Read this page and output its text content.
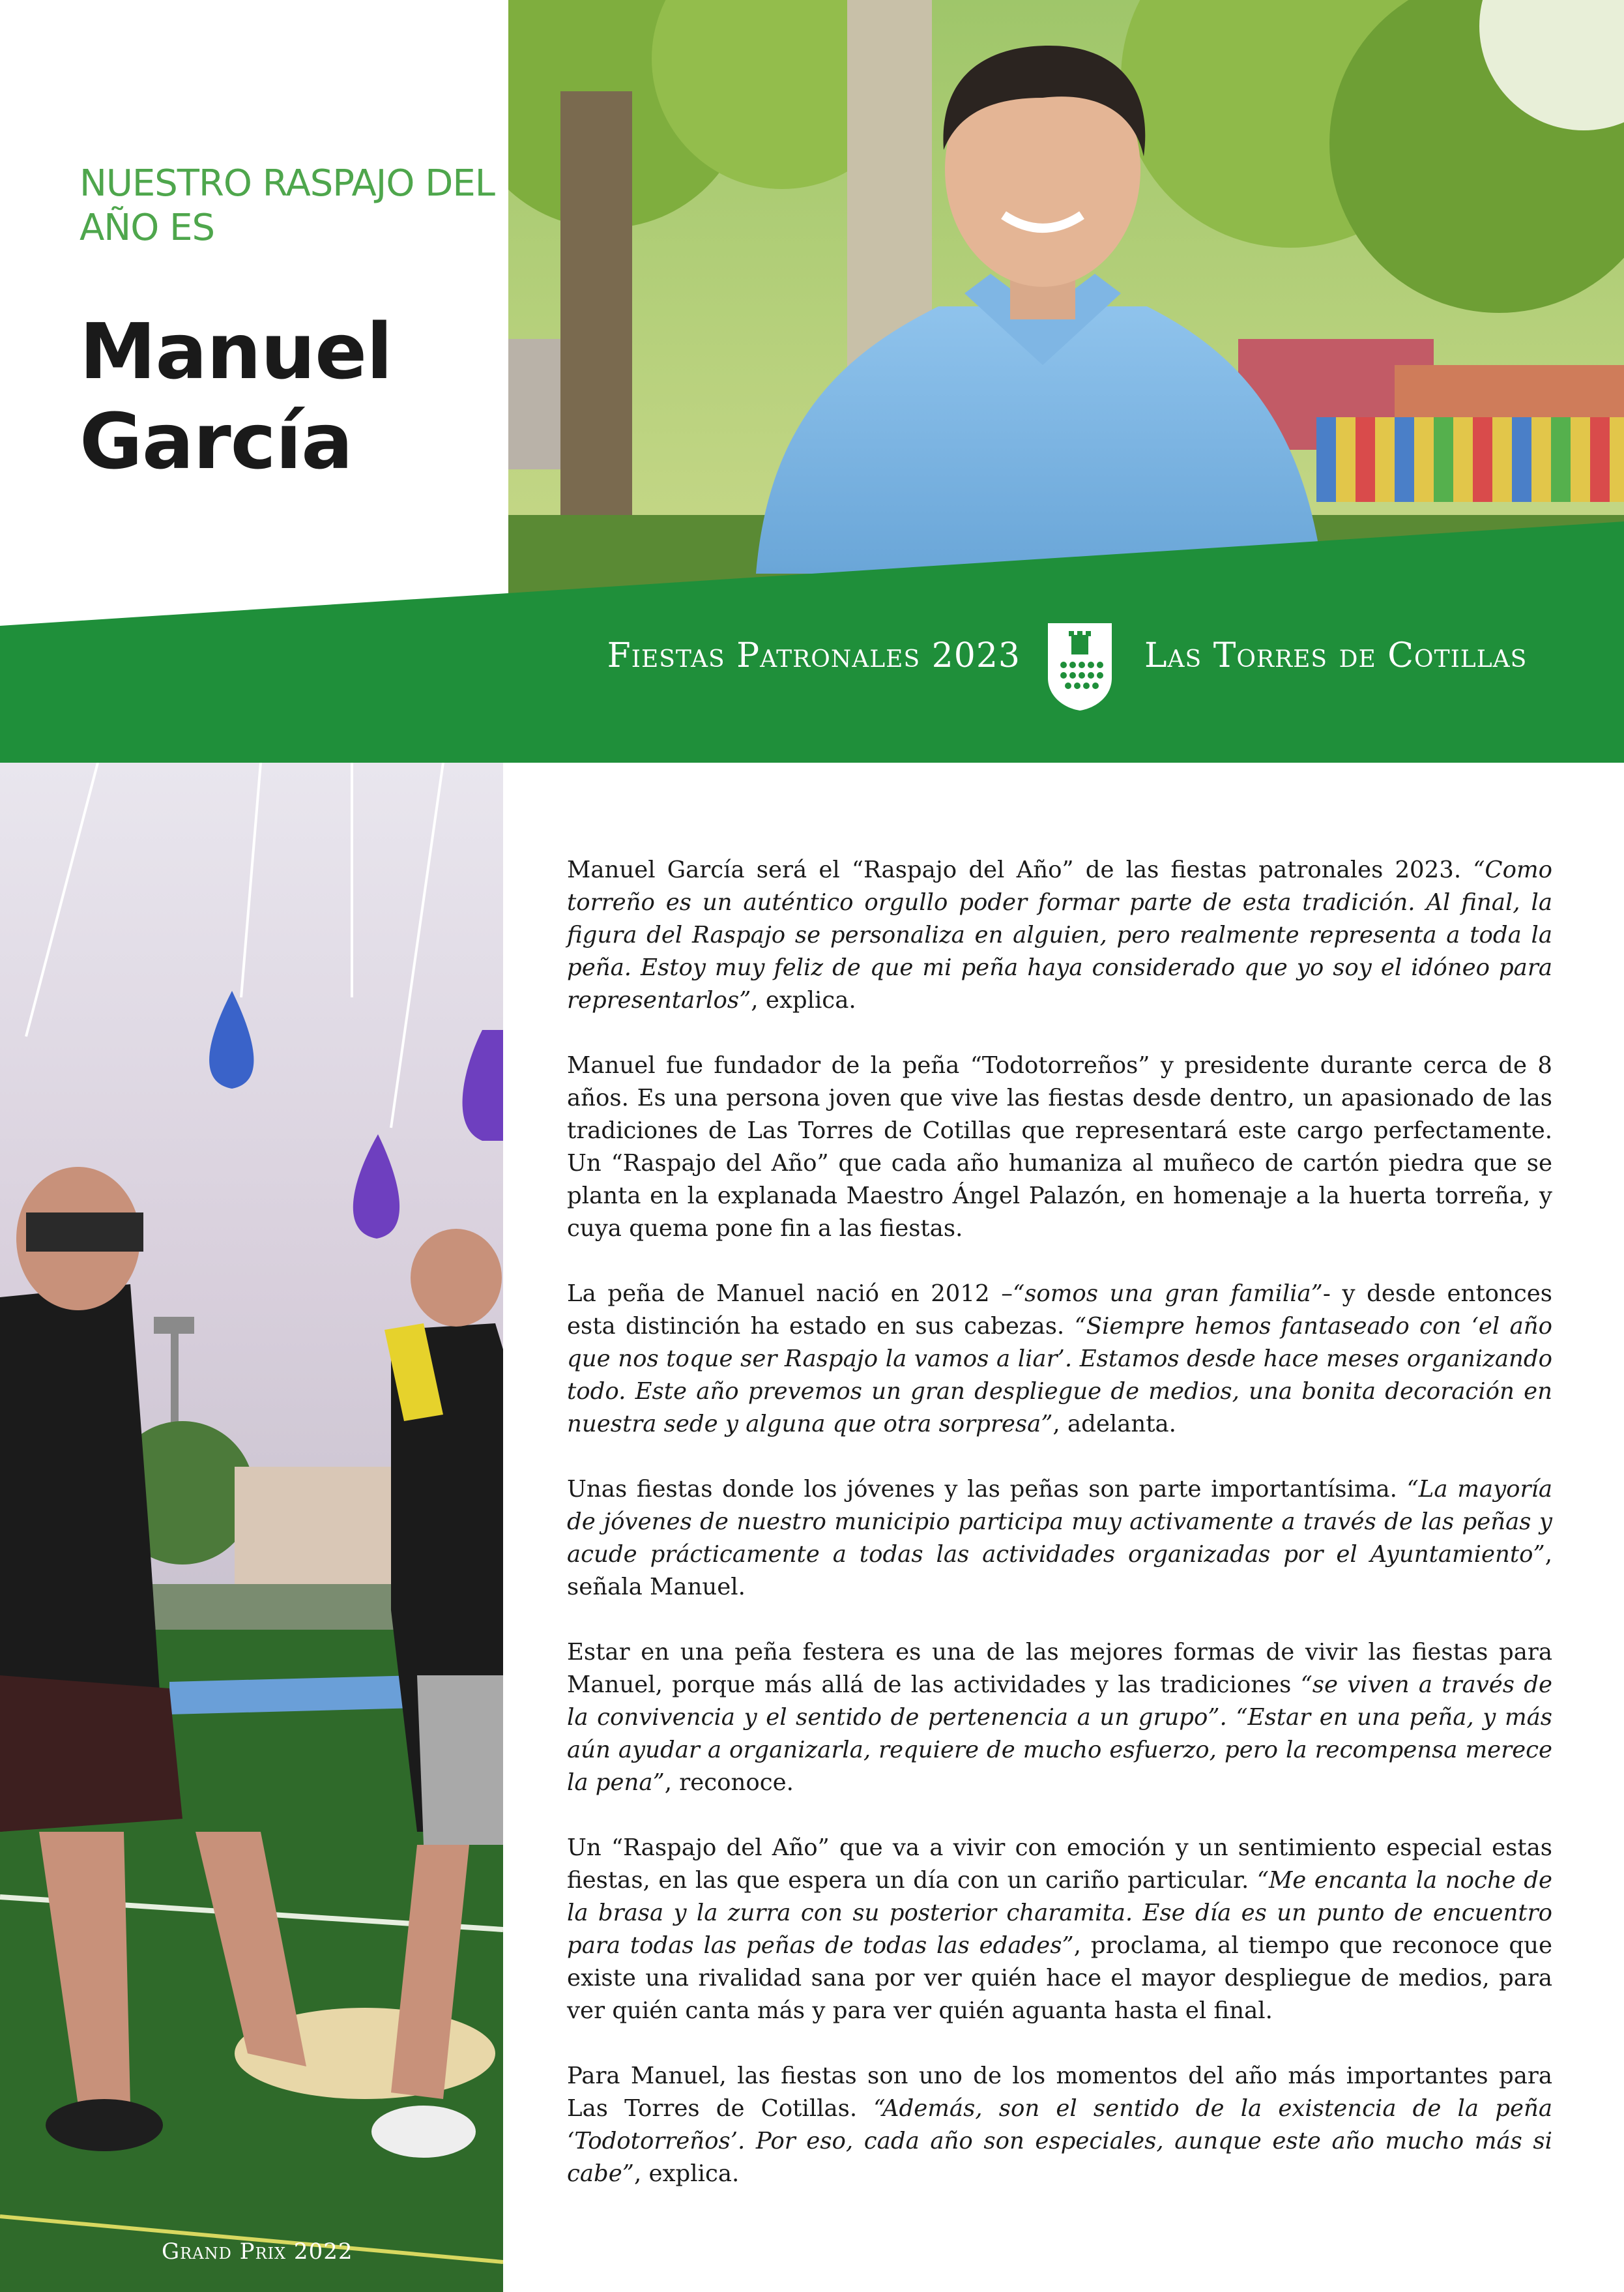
NUESTRO RASPAJO DEL AÑO ES
Manuel
García
Fiestas Patronales 2023	Las Torres de Cotillas
Grand Prix 2022

Manuel García será el “Raspajo del Año” de las fiestas patronales 2023. “Como torreño es un auténtico orgullo poder formar parte de esta tradición. Al final, la figura del Raspajo se personaliza en alguien, pero realmente representa a toda la peña. Estoy muy feliz de que mi peña haya considerado que yo soy el idóneo para representarlos”, explica.

Manuel fue fundador de la peña “Todotorreños” y presidente durante cerca de 8 años. Es una persona joven que vive las fiestas desde dentro, un apasionado de las tradiciones de Las Torres de Cotillas que representará este cargo perfectamente. Un “Raspajo del Año” que cada año humaniza al muñeco de cartón piedra que se planta en la explanada Maestro Ángel Palazón, en homenaje a la huerta torreña, y cuya quema pone fin a las fiestas.

La peña de Manuel nació en 2012 –“somos una gran familia”- y desde entonces esta distinción ha estado en sus cabezas. “Siempre hemos fantaseado con ‘el año que nos toque ser Raspajo la vamos a liar’. Estamos desde hace meses organizando todo. Este año prevemos un gran despliegue de medios, una bonita decoración en nuestra sede y alguna que otra sorpresa”, adelanta.

Unas fiestas donde los jóvenes y las peñas son parte importantísima. “La mayoría de jóvenes de nuestro municipio participa muy activamente a través de las peñas y acude prácticamente a todas las actividades organizadas por el Ayuntamiento”, señala Manuel.

Estar en una peña festera es una de las mejores formas de vivir las fiestas para Manuel, porque más allá de las actividades y las tradiciones “se viven a través de la convivencia y el sentido de pertenencia a un grupo”. “Estar en una peña, y más aún ayudar a organizarla, requiere de mucho esfuerzo, pero la recompensa merece la pena”, reconoce.

Un “Raspajo del Año” que va a vivir con emoción y un sentimiento especial estas fiestas, en las que espera un día con un cariño particular. “Me encanta la noche de la brasa y la zurra con su posterior charamita. Ese día es un punto de encuentro para todas las peñas de todas las edades”, proclama, al tiempo que reconoce que existe una rivalidad sana por ver quién hace el mayor despliegue de medios, para ver quién canta más y para ver quién aguanta hasta el final.

Para Manuel, las fiestas son uno de los momentos del año más importantes para Las Torres de Cotillas. “Además, son el sentido de la existencia de la peña ‘Todotorreños’. Por eso, cada año son especiales, aunque este año mucho más si cabe”, explica.
